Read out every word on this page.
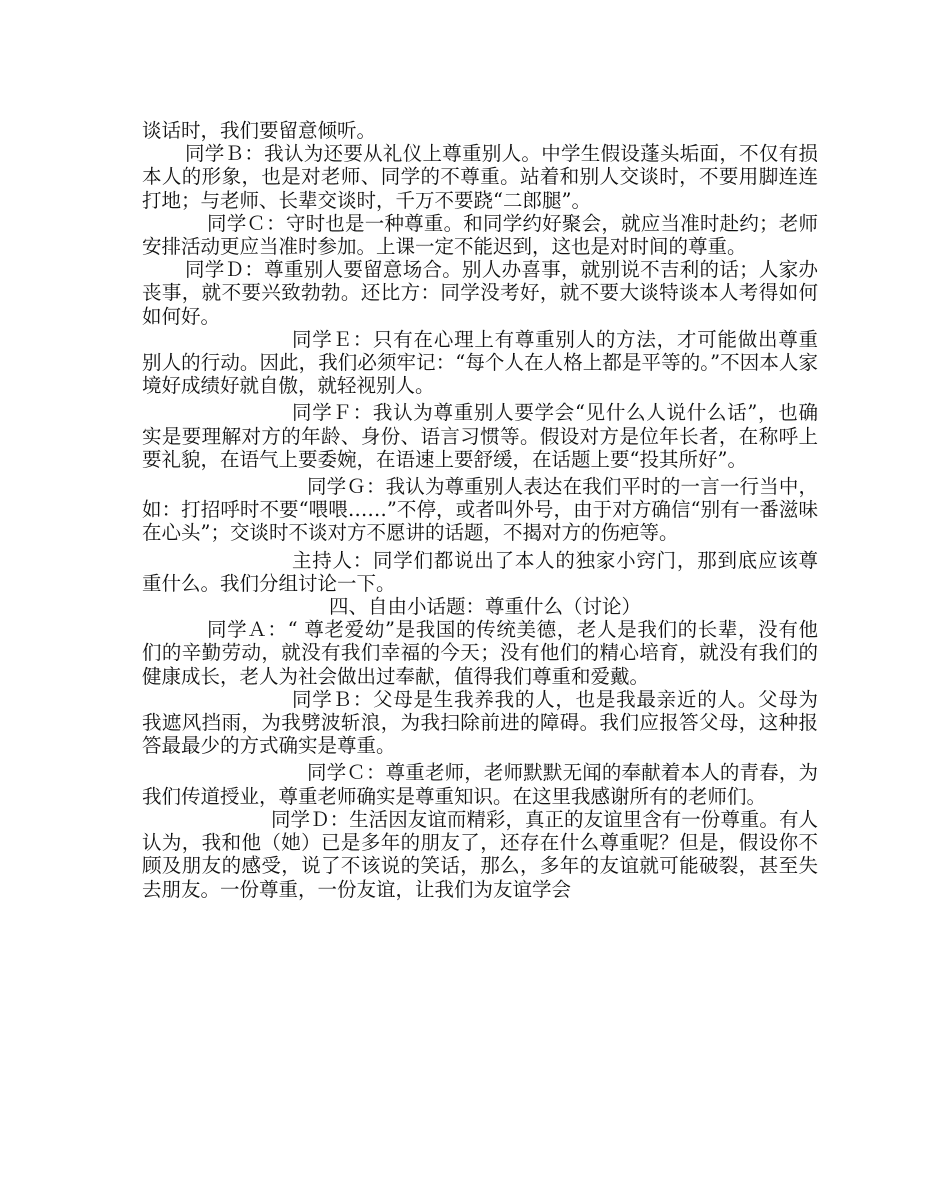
谈话时，我们要留意倾听。

同学Ｂ：我认为还要从礼仪上尊重别人。中学生假设蓬头垢面，不仅有损本人的形象，也是对老师、同学的不尊重。站着和别人交谈时，不要用脚连连打地；与老师、长辈交谈时，千万不要跷“二郎腿”。

同学Ｃ：守时也是一种尊重。和同学约好聚会，就应当准时赴约；老师安排活动更应当准时参加。上课一定不能迟到，这也是对时间的尊重。

同学Ｄ：尊重别人要留意场合。别人办喜事，就别说不吉利的话；人家办丧事，就不要兴致勃勃。还比方：同学没考好，就不要大谈特谈本人考得如何如何好。

同学Ｅ：只有在心理上有尊重别人的方法，才可能做出尊重别人的行动。因此，我们必须牢记：“每个人在人格上都是平等的。”不因本人家境好成绩好就自傲，就轻视别人。

同学Ｆ：我认为尊重别人要学会“见什么人说什么话”，也确实是要理解对方的年龄、身份、语言习惯等。假设对方是位年长者，在称呼上要礼貌，在语气上要委婉，在语速上要舒缓，在话题上要“投其所好”。

同学Ｇ：我认为尊重别人表达在我们平时的一言一行当中，如：打招呼时不要“喂喂……”不停，或者叫外号，由于对方确信“别有一番滋味在心头”；交谈时不谈对方不愿讲的话题，不揭对方的伤疤等。

主持人：同学们都说出了本人的独家小窍门，那到底应该尊重什么。我们分组讨论一下。

四、自由小话题：尊重什么（讨论）

同学Ａ：“ 尊老爱幼”是我国的传统美德，老人是我们的长辈，没有他们的辛勤劳动，就没有我们幸福的今天；没有他们的精心培育，就没有我们的健康成长，老人为社会做出过奉献，值得我们尊重和爱戴。

同学Ｂ：父母是生我养我的人，也是我最亲近的人。父母为我遮风挡雨，为我劈波斩浪，为我扫除前进的障碍。我们应报答父母，这种报答最最少的方式确实是尊重。

同学Ｃ：尊重老师，老师默默无闻的奉献着本人的青春，为我们传道授业，尊重老师确实是尊重知识。在这里我感谢所有的老师们。

同学Ｄ：生活因友谊而精彩，真正的友谊里含有一份尊重。有人认为，我和他（她）已是多年的朋友了，还存在什么尊重呢？但是，假设你不顾及朋友的感受，说了不该说的笑话，那么，多年的友谊就可能破裂，甚至失去朋友。一份尊重，一份友谊，让我们为友谊学会
